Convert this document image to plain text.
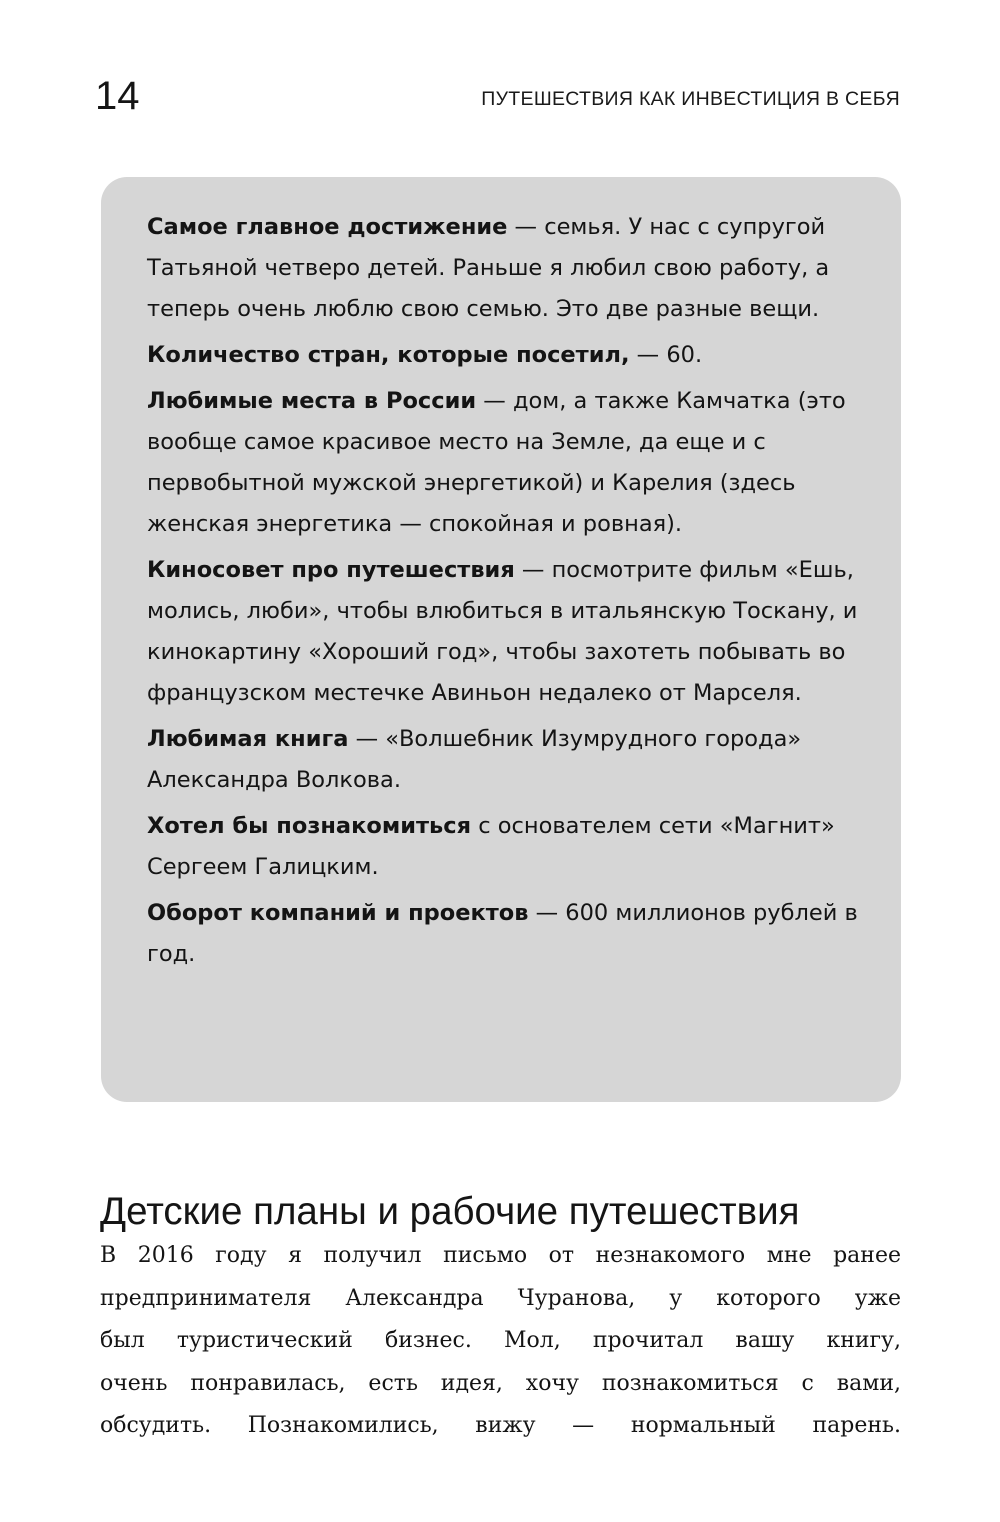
14	ПУТЕШЕСТВИЯ КАК ИНВЕСТИЦИЯ В СЕБЯ

Самое главное достижение — семья. У нас с супругой Татьяной четверо детей. Раньше я любил свою работу, а теперь очень люблю свою семью. Это две разные вещи.

Количество стран, которые посетил, — 60.

Любимые места в России — дом, а также Камчатка (это вообще самое красивое место на Земле, да еще и с первобытной мужской энергетикой) и Карелия (здесь женская энергетика — спокойная и ровная).

Киносовет про путешествия — посмотрите фильм «Ешь, молись, люби», чтобы влюбиться в итальянскую Тоскану, и кинокартину «Хороший год», чтобы захотеть побывать во французском местечке Авиньон недалеко от Марселя.

Любимая книга — «Волшебник Изумрудного города» Александра Волкова.

Хотел бы познакомиться с основателем сети «Магнит» Сергеем Галицким.

Оборот компаний и проектов — 600 миллионов рублей в год.

Детские планы и рабочие путешествия
В 2016 году я получил письмо от незнакомого мне ранее
предпринимателя Александра Чуранова, у которого уже
был туристический бизнес. Мол, прочитал вашу книгу,
очень понравилась, есть идея, хочу познакомиться с вами,
обсудить. Познакомились, вижу — нормальный парень.
